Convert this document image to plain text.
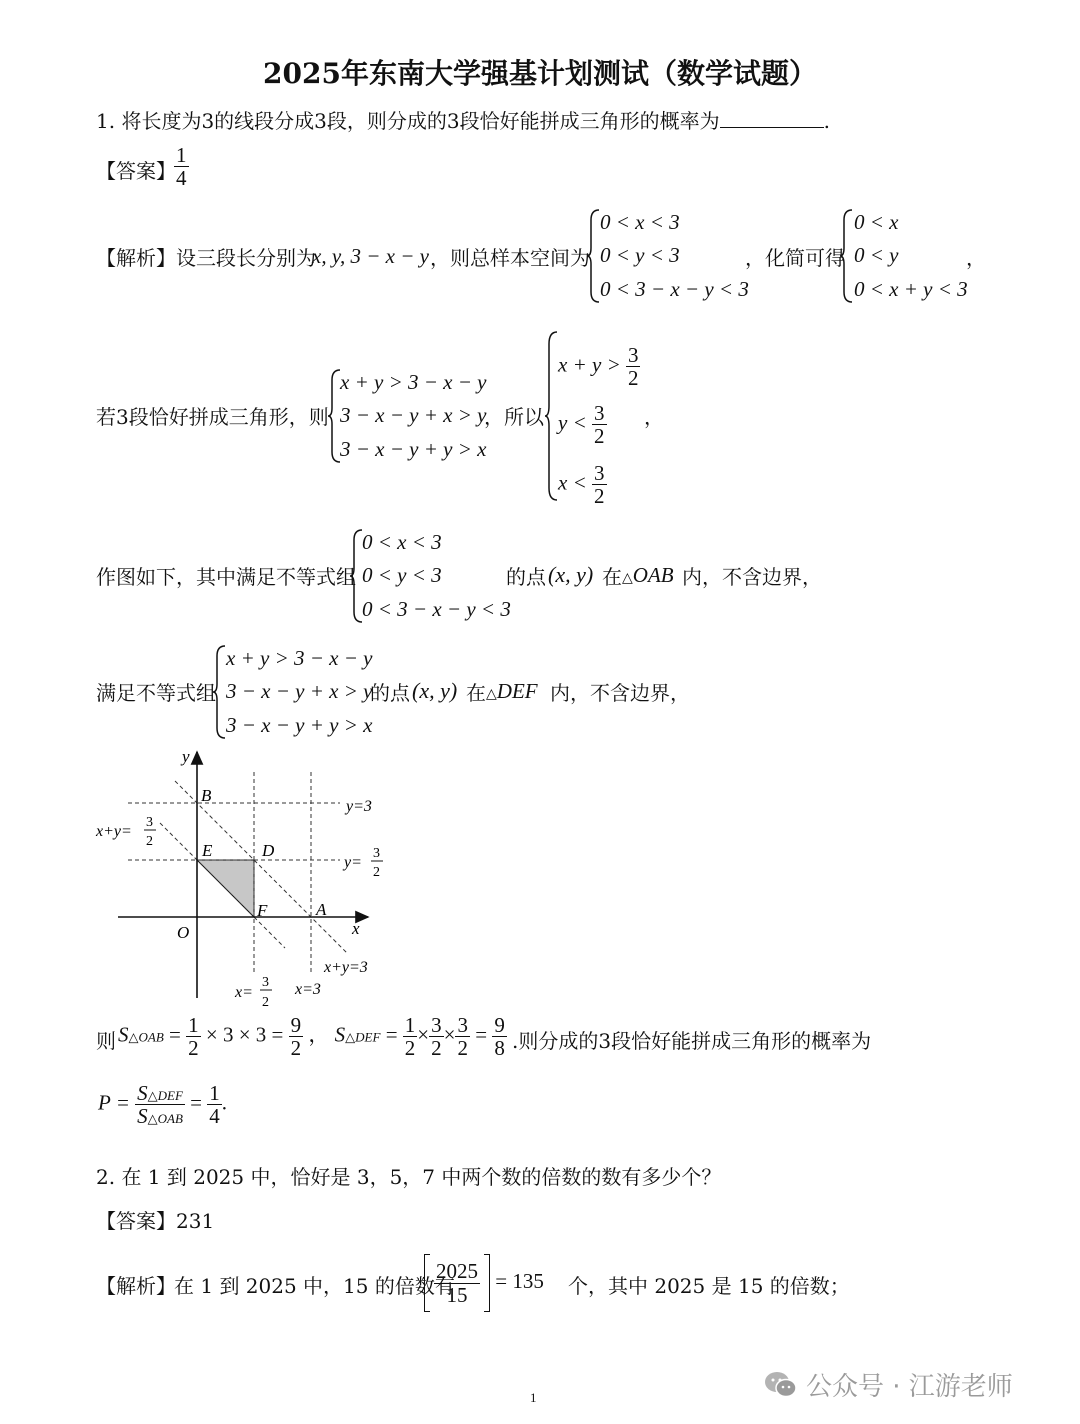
2025年东南大学强基计划测试（数学试题）
1. 将长度为3的线段分成3段，则分成的3段恰好能拼成三角形的概率为	.
【答案】
$\frac{1}{4}$
【解析】 设三段长分别为
x, y, 3 − x − y ，则总样本空间为
0 < x < 3
0 < y < 3
0 < 3 − x − y < 3
，化简可得
0 < x
0 < y
0 < x + y < 3
，
若3段恰好拼成三角形，则
x + y > 3 − x − y
3 − x − y + x > y
3 − x − y + y > x
，所以
$x + y > \frac{3}{2}$
$y < \frac{3}{2}$
$x < \frac{3}{2}$
，
作图如下，其中满足不等式组
0 < x < 3
0 < y < 3
0 < 3 − x − y < 3
的点 (x, y) 在 △OAB 内，不含边界，
满足不等式组
x + y > 3 − x − y
3 − x − y + x > y
3 − x − y + y > x
的点 (x, y) 在 △DEF 内，不含边界，
y
x
O
B
E	D
F	A
y=3
y=
3
2
x+y=
3
2
x+y=3
x=
3
2
x=3
则 S△OAB = $\frac{1}{2} \times 3 \times 3 = \frac{9}{2}$ ， S△DEF = $\frac{1}{2} \times \frac{3}{2} \times \frac{3}{2} = \frac{9}{8}$ .则分成的3段恰好能拼成三角形的概率为
$P = \frac{\text{S△DEF}}{\text{S△OAB}} = \frac{1}{4}$ .
2. 在 1 到 2025 中，恰好是 3，5，7 中两个数的倍数的数有多少个？
【答案】231
【解析】
在 1 到 2025 中，15 的倍数有
$\frac{2025}{15} = 135$ 个，其中 2025 是 15 的倍数；
1	公众号 · 江游老师
